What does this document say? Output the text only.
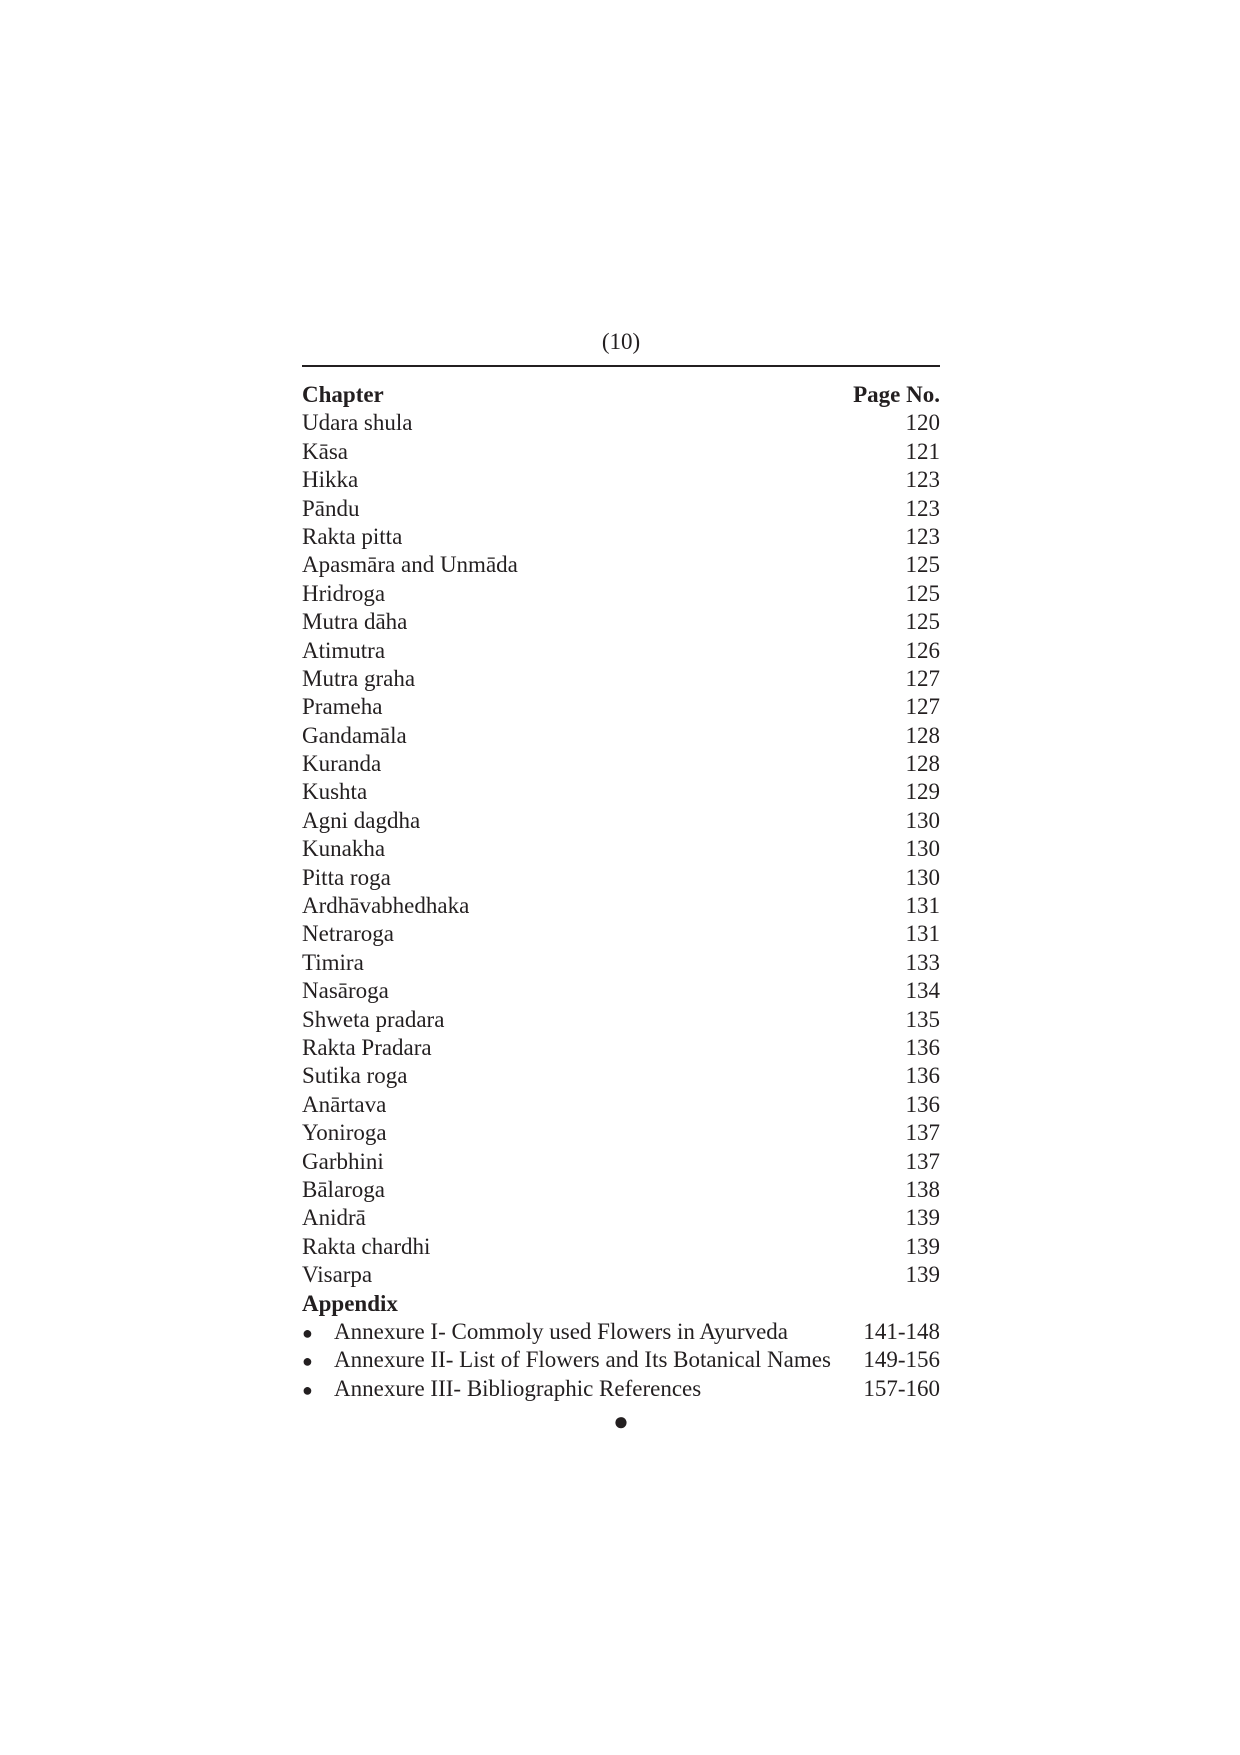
(10)
Chapter	Page No.
Udara shula	120
Kāsa	121
Hikka	123
Pāndu	123
Rakta pitta	123
Apasmāra and Unmāda	125
Hridroga	125
Mutra dāha	125
Atimutra	126
Mutra graha	127
Prameha	127
Gandamāla	128
Kuranda	128
Kushta	129
Agni dagdha	130
Kunakha	130
Pitta roga	130
Ardhāvabhedhaka	131
Netraroga	131
Timira	133
Nasāroga	134
Shweta pradara	135
Rakta Pradara	136
Sutika roga	136
Anārtava	136
Yoniroga	137
Garbhini	137
Bālaroga	138
Anidrā	139
Rakta chardhi	139
Visarpa	139
Appendix
● Annexure I- Commoly used Flowers in Ayurveda	141-148
● Annexure II- List of Flowers and Its Botanical Names 149-156
● Annexure III- Bibliographic References	157-160
●
